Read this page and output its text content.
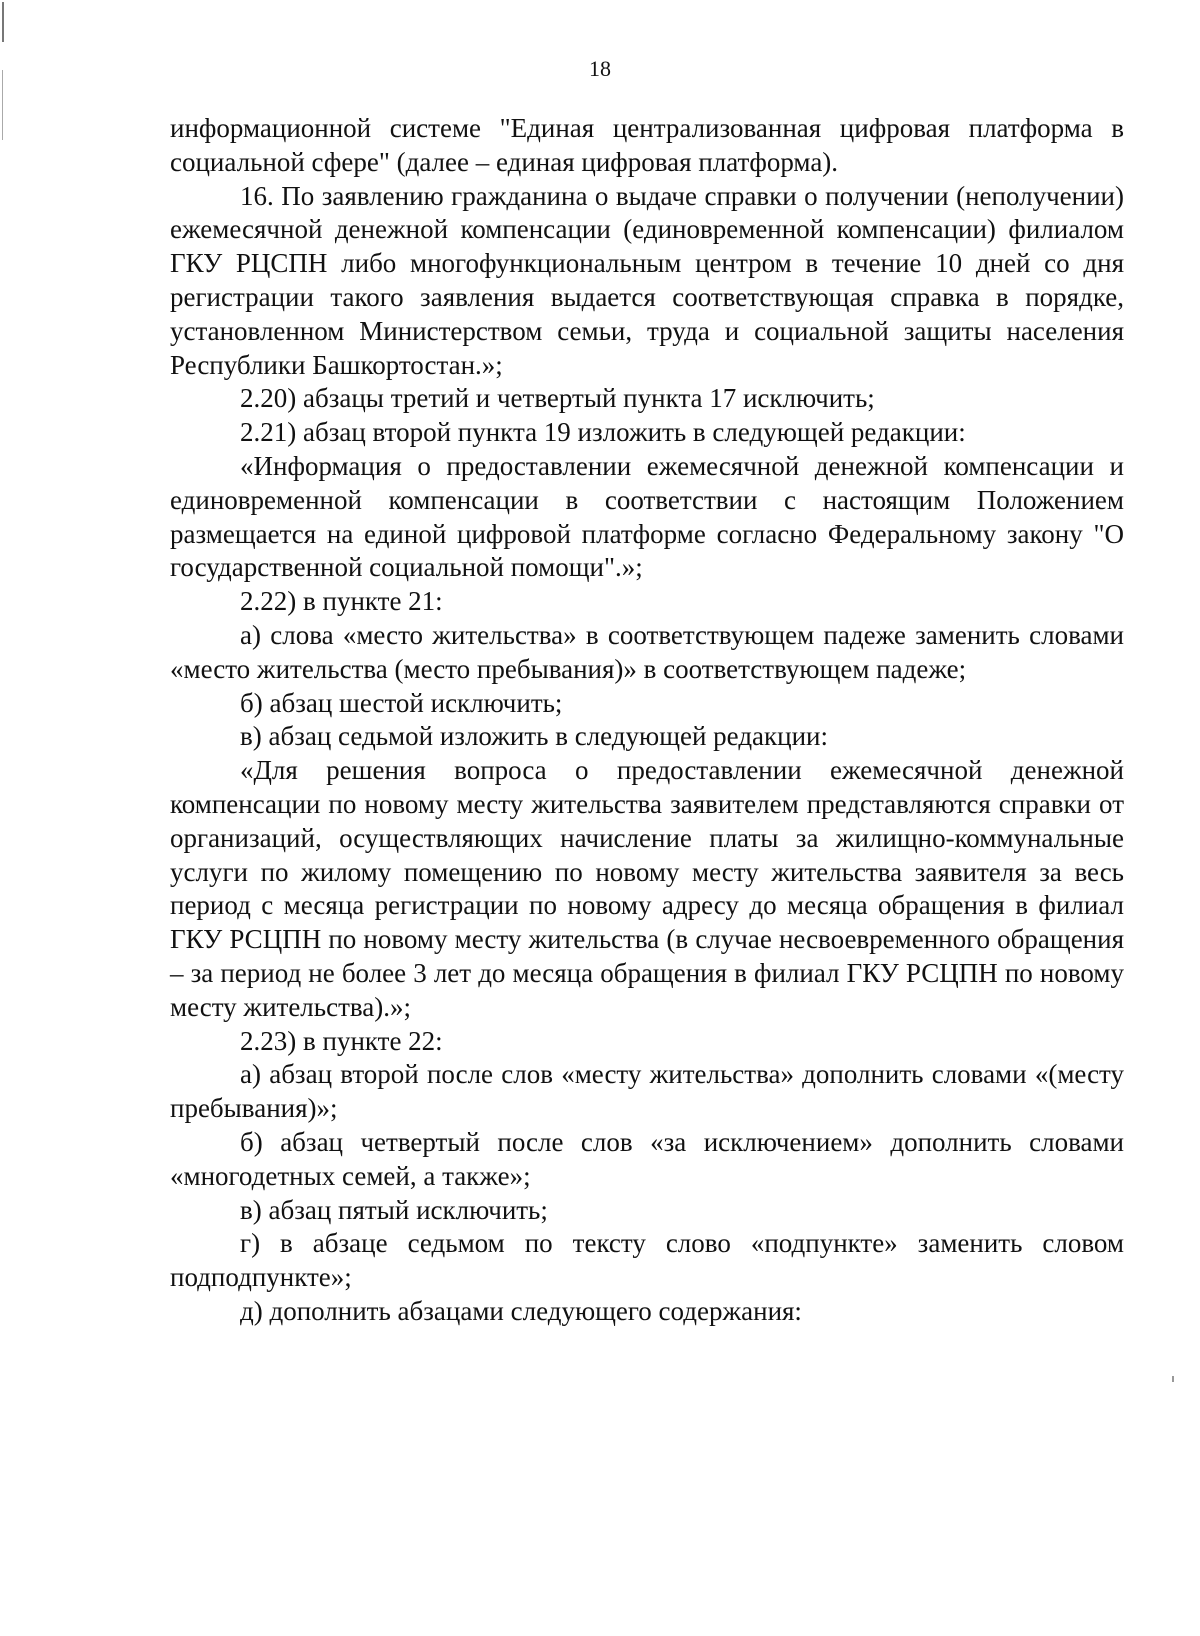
18

информационной системе "Единая централизованная цифровая платформа в социальной сфере" (далее – единая цифровая платформа).

16. По заявлению гражданина о выдаче справки о получении (неполучении) ежемесячной денежной компенсации (единовременной компенсации) филиалом ГКУ РЦСПН либо многофункциональным центром в течение 10 дней со дня регистрации такого заявления выдается соответствующая справка в порядке, установленном Министерством семьи, труда и социальной защиты населения Республики Башкортостан.»;

2.20) абзацы третий и четвертый пункта 17 исключить;

2.21) абзац второй пункта 19 изложить в следующей редакции:

«Информация о предоставлении ежемесячной денежной компенсации и единовременной компенсации в соответствии с настоящим Положением размещается на единой цифровой платформе согласно Федеральному закону "О государственной социальной помощи".»;

2.22) в пункте 21:

а) слова «место жительства» в соответствующем падеже заменить словами «место жительства (место пребывания)» в соответствующем падеже;

б) абзац шестой исключить;

в) абзац седьмой изложить в следующей редакции:

«Для решения вопроса о предоставлении ежемесячной денежной компенсации по новому месту жительства заявителем представляются справки от организаций, осуществляющих начисление платы за жилищно-коммунальные услуги по жилому помещению по новому месту жительства заявителя за весь период с месяца регистрации по новому адресу до месяца обращения в филиал ГКУ РСЦПН по новому месту жительства (в случае несвоевременного обращения – за период не более 3 лет до месяца обращения в филиал ГКУ РСЦПН по новому месту жительства).»;

2.23) в пункте 22:

а) абзац второй после слов «месту жительства» дополнить словами «(месту пребывания)»;

б) абзац четвертый после слов «за исключением» дополнить словами «многодетных семей, а также»;

в) абзац пятый исключить;

г) в абзаце седьмом по тексту слово «подпункте» заменить словом подподпункте»;

д) дополнить абзацами следующего содержания:
